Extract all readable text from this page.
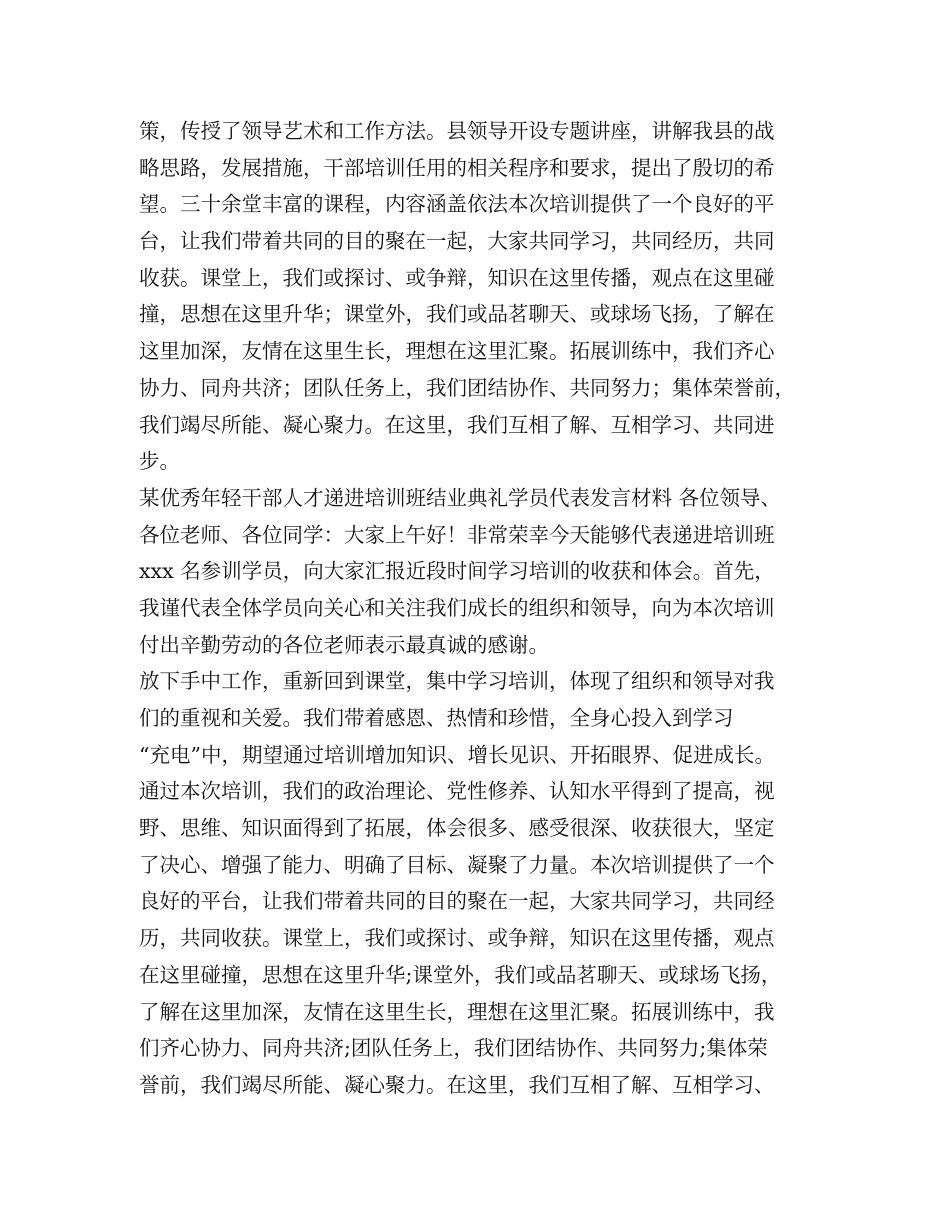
策，传授了领导艺术和工作方法。县领导开设专题讲座，讲解我县的战
略思路，发展措施，干部培训任用的相关程序和要求，提出了殷切的希
望。三十余堂丰富的课程，内容涵盖依法本次培训提供了一个良好的平
台，让我们带着共同的目的聚在一起，大家共同学习，共同经历，共同
收获。课堂上，我们或探讨、或争辩，知识在这里传播，观点在这里碰
撞，思想在这里升华；课堂外，我们或品茗聊天、或球场飞扬，了解在
这里加深，友情在这里生长，理想在这里汇聚。拓展训练中，我们齐心
协力、同舟共济；团队任务上，我们团结协作、共同努力；集体荣誉前，
我们竭尽所能、凝心聚力。在这里，我们互相了解、互相学习、共同进
步。
某优秀年轻干部人才递进培训班结业典礼学员代表发言材料 各位领导、
各位老师、各位同学：大家上午好！非常荣幸今天能够代表递进培训班
xxx 名参训学员，向大家汇报近段时间学习培训的收获和体会。首先，
我谨代表全体学员向关心和关注我们成长的组织和领导，向为本次培训
付出辛勤劳动的各位老师表示最真诚的感谢。
放下手中工作，重新回到课堂，集中学习培训，体现了组织和领导对我
们的重视和关爱。我们带着感恩、热情和珍惜，全身心投入到学习
“充电”中，期望通过培训增加知识、增长见识、开拓眼界、促进成长。
通过本次培训，我们的政治理论、党性修养、认知水平得到了提高，视
野、思维、知识面得到了拓展，体会很多、感受很深、收获很大，坚定
了决心、增强了能力、明确了目标、凝聚了力量。本次培训提供了一个
良好的平台，让我们带着共同的目的聚在一起，大家共同学习，共同经
历，共同收获。课堂上，我们或探讨、或争辩，知识在这里传播，观点
在这里碰撞，思想在这里升华;课堂外，我们或品茗聊天、或球场飞扬，
了解在这里加深，友情在这里生长，理想在这里汇聚。拓展训练中，我
们齐心协力、同舟共济;团队任务上，我们团结协作、共同努力;集体荣
誉前，我们竭尽所能、凝心聚力。在这里，我们互相了解、互相学习、
